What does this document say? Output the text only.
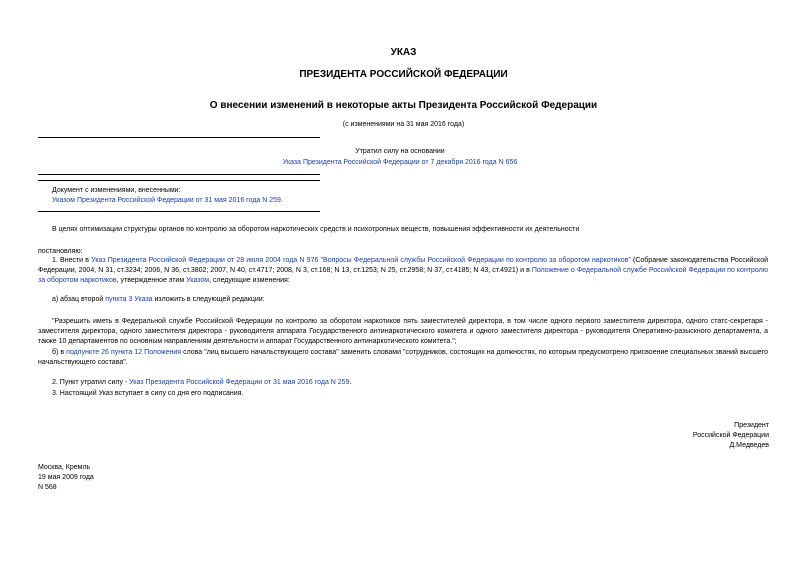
УКАЗ
ПРЕЗИДЕНТА РОССИЙСКОЙ ФЕДЕРАЦИИ
О внесении изменений в некоторые акты Президента Российской Федерации
(с изменениями на 31 мая 2016 года)
Утратил силу на основании
Указа Президента Российской Федерации от 7 декабря 2016 года N 656
Документ с изменениями, внесенными:
Указом Президента Российской Федерации от 31 мая 2016 года N 259.
В целях оптимизации структуры органов по контролю за оборотом наркотических средств и психотропных веществ, повышения эффективности их деятельности
постановляю:
1. Внести в Указ Президента Российской Федерации от 28 июля 2004 года N 976 "Вопросы Федеральной службы Российской Федерации по контролю за оборотом наркотиков" (Собрание законодательства Российской Федерации, 2004, N 31, ст.3234; 2006, N 36, ст.3802; 2007, N 40, ст.4717; 2008, N 3, ст.168; N 13, ст.1253; N 25, ст.2958; N 37, ст.4185; N 43, ст.4921) и в Положение о Федеральной службе Российской Федерации по контролю за оборотом наркотиков, утвержденное этим Указом, следующие изменения:
а) абзац второй пункта 3 Указа изложить в следующей редакции:
"Разрешить иметь в Федеральной службе Российской Федерации по контролю за оборотом наркотиков пять заместителей директора, в том числе одного первого заместителя директора, одного статс-секретаря - заместителя директора, одного заместителя директора - руководителя аппарата Государственного антинаркотического комитета и одного заместителя директора - руководителя Оперативно-разыскного департамента, а также 10 департаментов по основным направлениям деятельности и аппарат Государственного антинаркотического комитета.";
б) в подпункте 26 пункта 12 Положения слова "лиц высшего начальствующего состава" заменить словами "сотрудников, состоящих на должностях, по которым предусмотрено присвоение специальных званий высшего начальствующего состава".
2. Пункт утратил силу - Указ Президента Российской Федерации от 31 мая 2016 года N 259.
3. Настоящий Указ вступает в силу со дня его подписания.

Президент

Российской Федерации

Д.Медведев

Москва, Кремль

19 мая 2009 года

N 568
